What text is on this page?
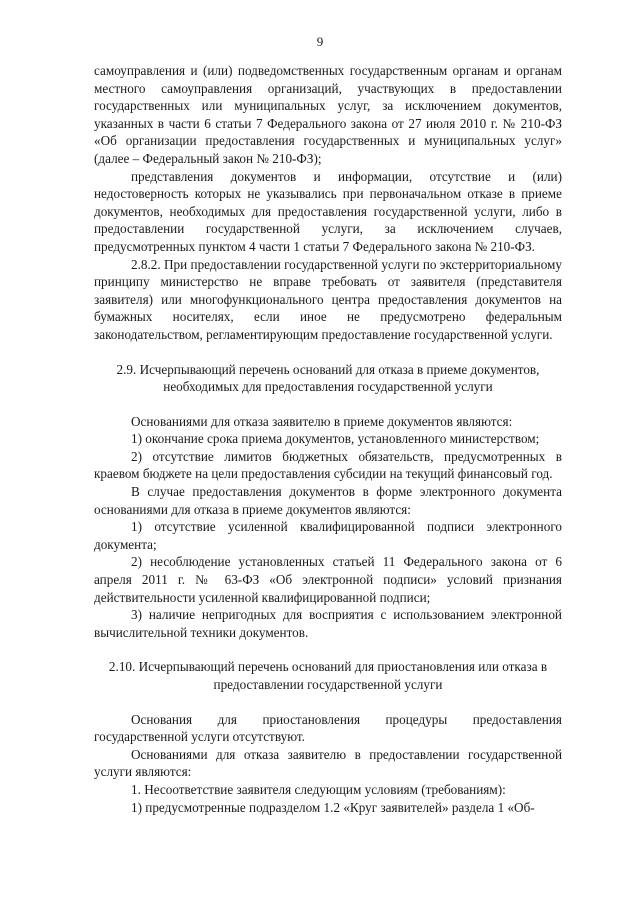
9

самоуправления и (или) подведомственных государственным органам и органам местного самоуправления организаций, участвующих в предоставлении государственных или муниципальных услуг, за исключением документов, указанных в части 6 статьи 7 Федерального закона от 27 июля 2010 г. № 210-ФЗ «Об организации предоставления государственных и муниципальных услуг» (далее – Федеральный закон № 210-ФЗ);

представления документов и информации, отсутствие и (или) недостоверность которых не указывались при первоначальном отказе в приеме документов, необходимых для предоставления государственной услуги, либо в предоставлении государственной услуги, за исключением случаев, предусмотренных пунктом 4 части 1 статьи 7 Федерального закона № 210-ФЗ.

2.8.2. При предоставлении государственной услуги по экстерриториальному принципу министерство не вправе требовать от заявителя (представителя заявителя) или многофункционального центра предоставления документов на бумажных носителях, если иное не предусмотрено федеральным законодательством, регламентирующим предоставление государственной услуги.

2.9. Исчерпывающий перечень оснований для отказа в приеме документов, необходимых для предоставления государственной услуги

Основаниями для отказа заявителю в приеме документов являются:

1) окончание срока приема документов, установленного министерством;

2) отсутствие лимитов бюджетных обязательств, предусмотренных в краевом бюджете на цели предоставления субсидии на текущий финансовый год.

В случае предоставления документов в форме электронного документа основаниями для отказа в приеме документов являются:

1) отсутствие усиленной квалифицированной подписи электронного документа;

2) несоблюдение установленных статьей 11 Федерального закона от 6 апреля 2011 г. № 63-ФЗ «Об электронной подписи» условий признания действительности усиленной квалифицированной подписи;

3) наличие непригодных для восприятия с использованием электронной вычислительной техники документов.

2.10. Исчерпывающий перечень оснований для приостановления или отказа в предоставлении государственной услуги

Основания для приостановления процедуры предоставления государственной услуги отсутствуют.

Основаниями для отказа заявителю в предоставлении государственной услуги являются:

1. Несоответствие заявителя следующим условиям (требованиям):

1) предусмотренные подразделом 1.2 «Круг заявителей» раздела 1 «Об-
